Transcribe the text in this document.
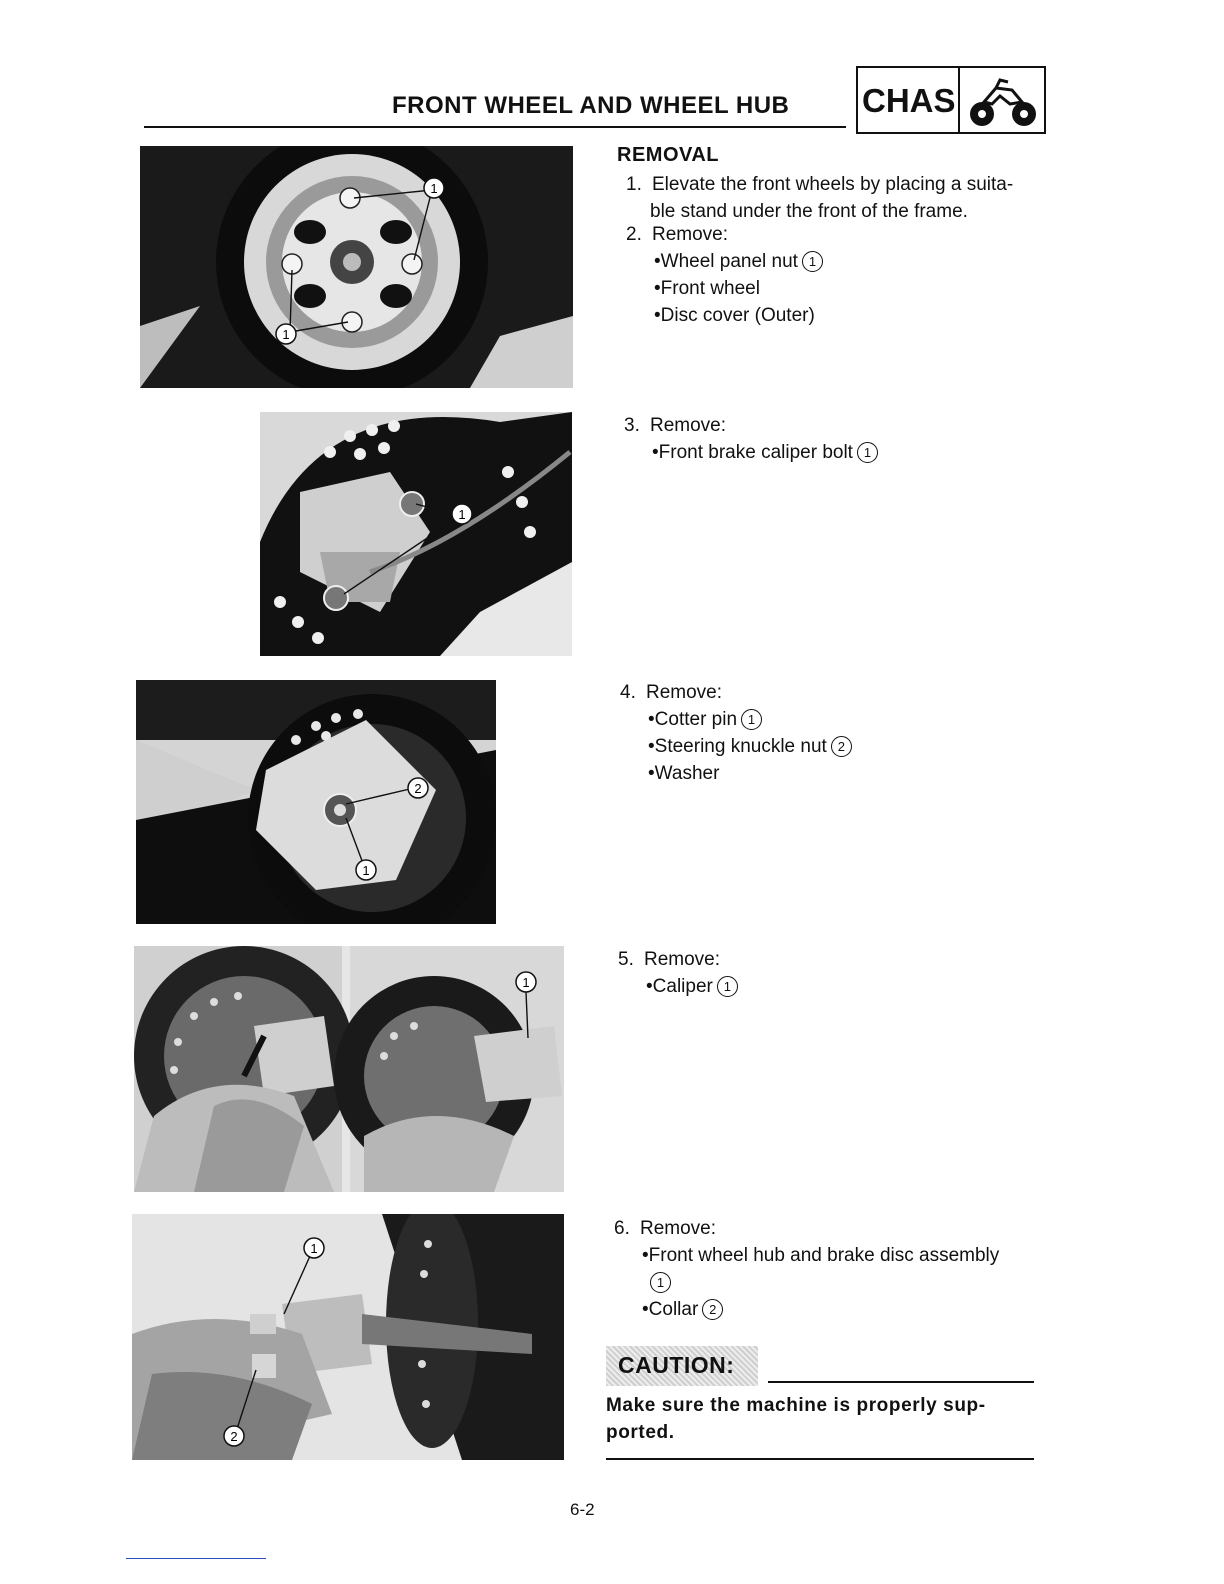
FRONT WHEEL AND WHEEL HUB CHAS
1
1
1
2
1
1
1
2
REMOVAL
1. Elevate the front wheels by placing a suita-
ble stand under the front of the frame.
2. Remove:
•Wheel panel nut 1
•Front wheel
•Disc cover (Outer)
3. Remove:
•Front brake caliper bolt 1
4. Remove:
•Cotter pin 1
•Steering knuckle nut 2
•Washer
5. Remove:
•Caliper 1
6. Remove:
•Front wheel hub and brake disc assembly
1
•Collar 2
CAUTION:
Make sure the machine is properly sup-
ported.
6-2
